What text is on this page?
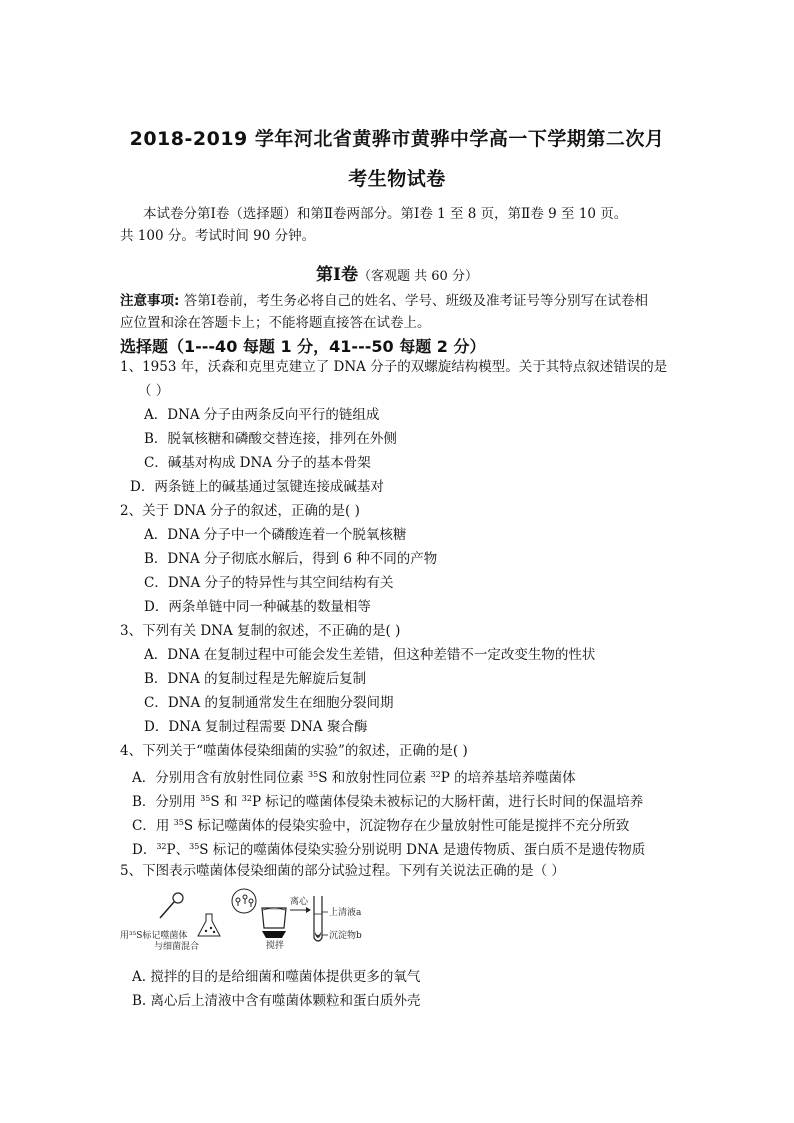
2018-2019 学年河北省黄骅市黄骅中学高一下学期第二次月
考生物试卷
本试卷分第Ⅰ卷（选择题）和第Ⅱ卷两部分。第Ⅰ卷 1 至 8 页，第Ⅱ卷 9 至 10 页。
共 100 分。考试时间 90 分钟。
第Ⅰ卷（客观题 共 60 分）
注意事项: 答第Ⅰ卷前，考生务必将自己的姓名、学号、班级及准考证号等分别写在试卷相
应位置和涂在答题卡上；不能将题直接答在试卷上。
选择题（1---40 每题 1 分，41---50 每题 2 分）
1、1953 年，沃森和克里克建立了 DNA 分子的双螺旋结构模型。关于其特点叙述错误的是
（ ）
A．DNA 分子由两条反向平行的链组成
B．脱氧核糖和磷酸交替连接，排列在外侧
C．碱基对构成 DNA 分子的基本骨架
D．两条链上的碱基通过氢键连接成碱基对
2、关于 DNA 分子的叙述，正确的是( )
A．DNA 分子中一个磷酸连着一个脱氧核糖
B．DNA 分子彻底水解后，得到 6 种不同的产物
C．DNA 分子的特异性与其空间结构有关
D．两条单链中同一种碱基的数量相等
3、下列有关 DNA 复制的叙述，不正确的是( )
A．DNA 在复制过程中可能会发生差错，但这种差错不一定改变生物的性状
B．DNA 的复制过程是先解旋后复制
C．DNA 的复制通常发生在细胞分裂间期
D．DNA 复制过程需要 DNA 聚合酶
4、下列关于“噬菌体侵染细菌的实验”的叙述，正确的是( )
A．分别用含有放射性同位素 $^{35}$S 和放射性同位素 $^{32}$P 的培养基培养噬菌体
B．分别用 $^{35}$S 和 $^{32}$P 标记的噬菌体侵染未被标记的大肠杆菌，进行长时间的保温培养
C．用 $^{35}$S 标记噬菌体的侵染实验中，沉淀物存在少量放射性可能是搅拌不充分所致
D．$^{32}$P、$^{35}$S 标记的噬菌体侵染实验分别说明 DNA 是遗传物质、蛋白质不是遗传物质
5、下图表示噬菌体侵染细菌的部分试验过程。下列有关说法正确的是（ ）
用³⁵S标记噬菌体
与细菌混合	搅拌
离心
上清液a
沉淀物b
A. 搅拌的目的是给细菌和噬菌体提供更多的氧气
B. 离心后上清液中含有噬菌体颗粒和蛋白质外壳
